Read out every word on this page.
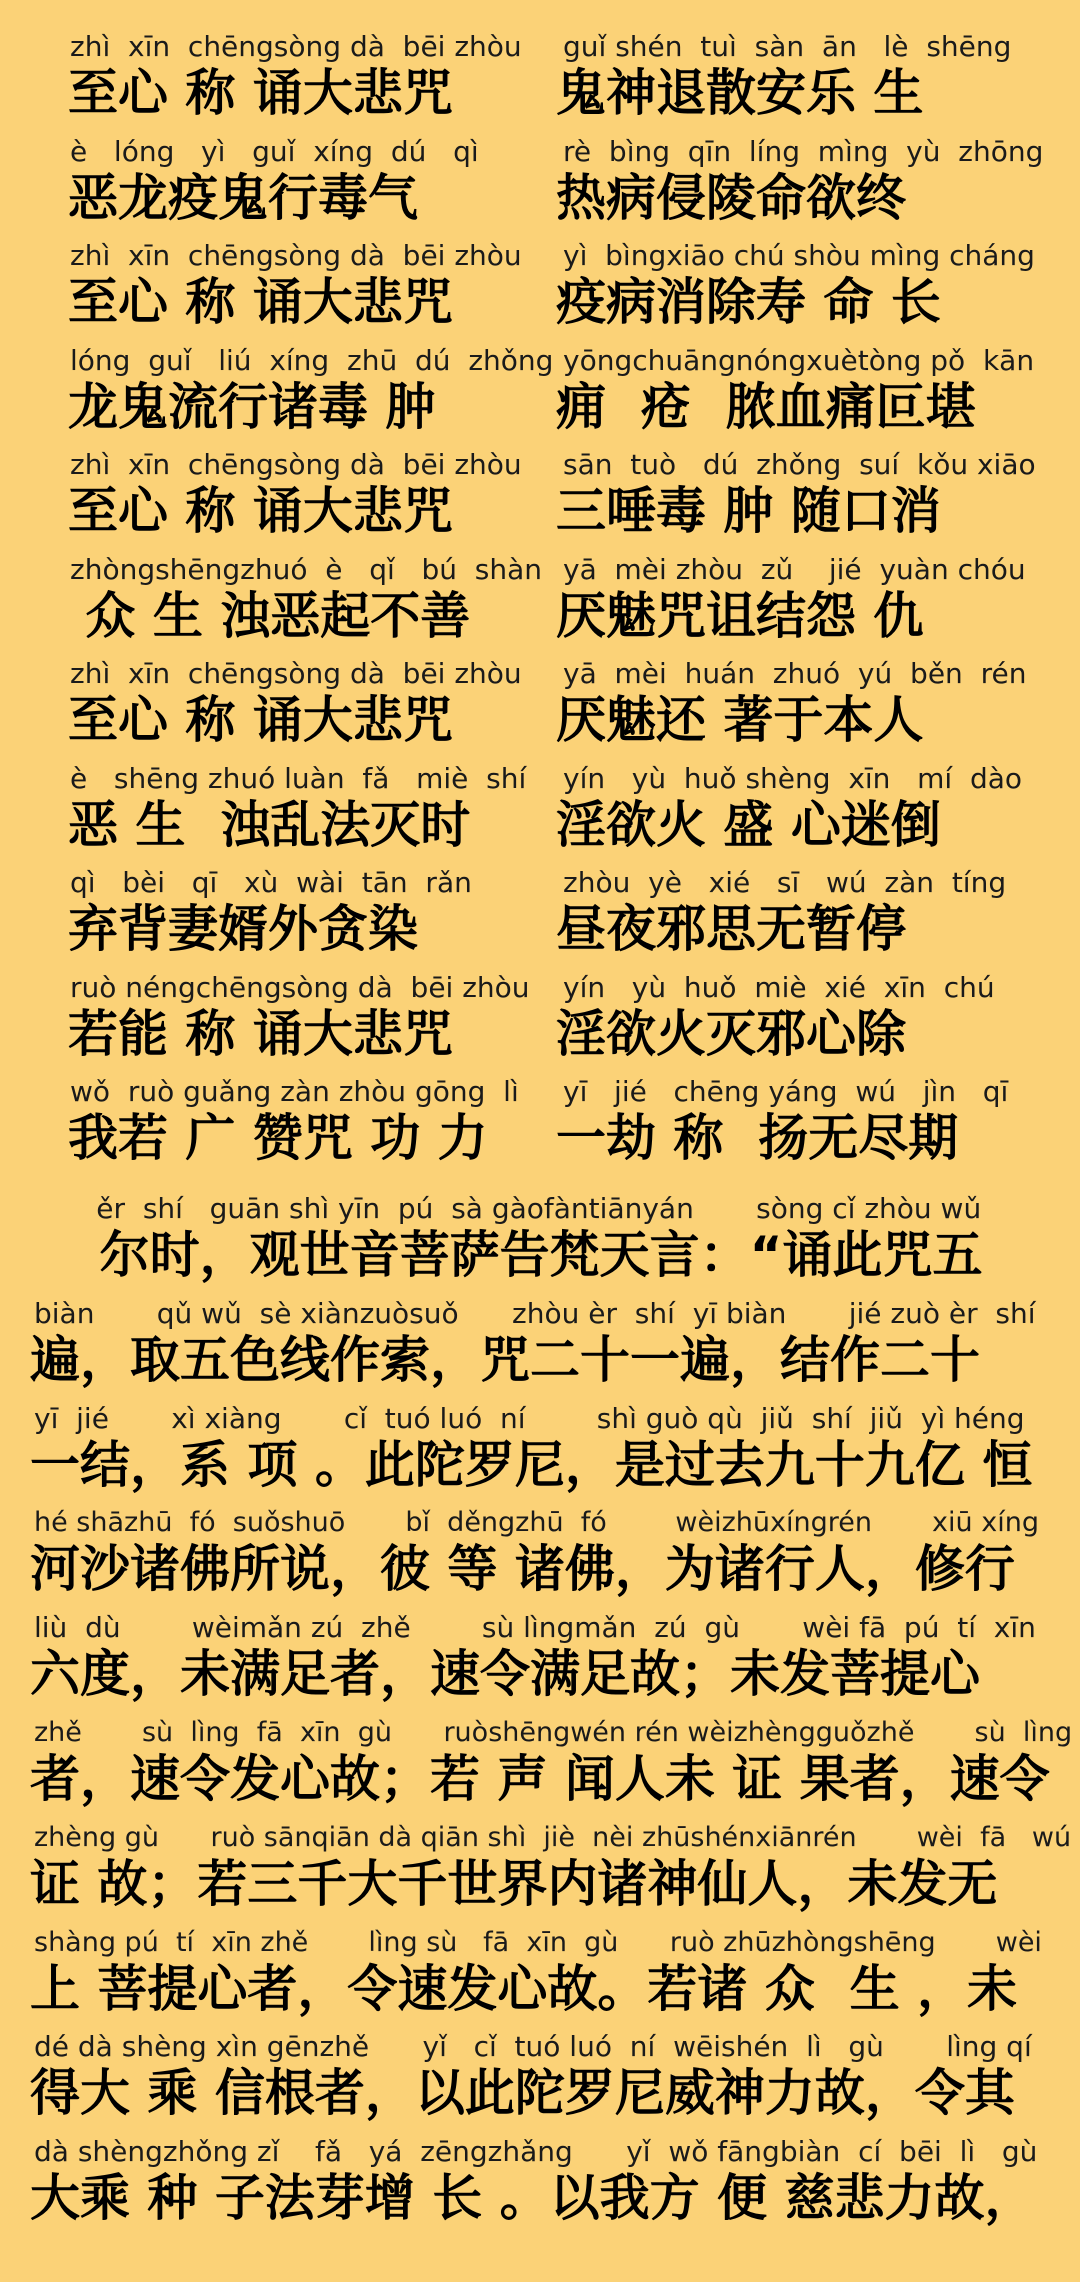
zhì  xīn  chēngsòng dà  bēi zhòu
至心 称 诵大悲咒
guǐ shén  tuì  sàn  ān   lè  shēng
鬼神退散安乐 生
è   lóng   yì   guǐ  xíng  dú   qì
恶龙疫鬼行毒气
rè  bìng  qīn  líng  mìng  yù  zhōng
热病侵陵命欲终
zhì  xīn  chēngsòng dà  bēi zhòu
至心 称 诵大悲咒
yì  bìngxiāo chú shòu mìng cháng
疫病消除寿 命 长
lóng  guǐ   liú  xíng  zhū  dú  zhǒng
龙鬼流行诸毒 肿
yōngchuāngnóngxuètòng pǒ  kān
痈  疮  脓血痛叵堪
zhì  xīn  chēngsòng dà  bēi zhòu
至心 称 诵大悲咒
sān  tuò   dú  zhǒng  suí  kǒu xiāo
三唾毒 肿 随口消
zhòngshēngzhuó  è   qǐ   bú  shàn
众 生 浊恶起不善
yā  mèi zhòu  zǔ    jié  yuàn chóu
厌魅咒诅结怨 仇
zhì  xīn  chēngsòng dà  bēi zhòu
至心 称 诵大悲咒
yā  mèi  huán  zhuó  yú  běn  rén
厌魅还 著于本人
è   shēng zhuó luàn  fǎ   miè  shí
恶 生  浊乱法灭时
yín   yù  huǒ shèng  xīn   mí  dào
淫欲火 盛 心迷倒
qì   bèi   qī   xù  wài  tān  rǎn
弃背妻婿外贪染
zhòu  yè   xié   sī   wú  zàn  tíng
昼夜邪思无暂停
ruò néngchēngsòng dà  bēi zhòu
若能 称 诵大悲咒
yín   yù  huǒ  miè  xié  xīn  chú
淫欲火灭邪心除
wǒ  ruò guǎng zàn zhòu gōng  lì
我若 广 赞咒 功 力
yī   jié   chēng yáng  wú   jìn   qī
一劫 称  扬无尽期
ěr  shí   guān shì yīn  pú  sà gàofàntiānyán       sòng cǐ zhòu wǔ
尔时，观世音菩萨告梵天言：“诵此咒五
biàn       qǔ wǔ  sè xiànzuòsuǒ      zhòu èr  shí  yī biàn       jié zuò èr  shí
遍，取五色线作索，咒二十一遍，结作二十
yī  jié       xì xiàng       cǐ  tuó luó  ní        shì guò qù  jiǔ  shí  jiǔ  yì héng
一结，系 项 。此陀罗尼，是过去九十九亿 恒
hé shāzhū  fó  suǒshuō       bǐ  děngzhū  fó        wèizhūxíngrén       xiū xíng
河沙诸佛所说，彼 等 诸佛，为诸行人，修行
liù  dù        wèimǎn zú  zhě        sù lìngmǎn  zú  gù       wèi fā  pú  tí  xīn
六度，未满足者，速令满足故；未发菩提心
zhě       sù  lìng  fā  xīn  gù      ruòshēngwén rén wèizhèngguǒzhě       sù  lìng
者，速令发心故；若 声 闻人未 证 果者，速令
zhèng gù      ruò sānqiān dà qiān shì  jiè  nèi zhūshénxiānrén       wèi  fā   wú
证 故；若三千大千世界内诸神仙人，未发无
shàng pú  tí  xīn zhě       lìng sù   fā  xīn  gù      ruò zhūzhòngshēng       wèi
上 菩提心者，令速发心故。若诸 众  生 ，未
dé dà shèng xìn gēnzhě      yǐ   cǐ  tuó luó  ní  wēishén  lì   gù       lìng qí
得大 乘 信根者，以此陀罗尼威神力故，令其
dà shèngzhǒng zǐ    fǎ   yá  zēngzhǎng      yǐ  wǒ fāngbiàn  cí  bēi  lì   gù
大乘 种 子法芽增 长 。以我方 便 慈悲力故，
